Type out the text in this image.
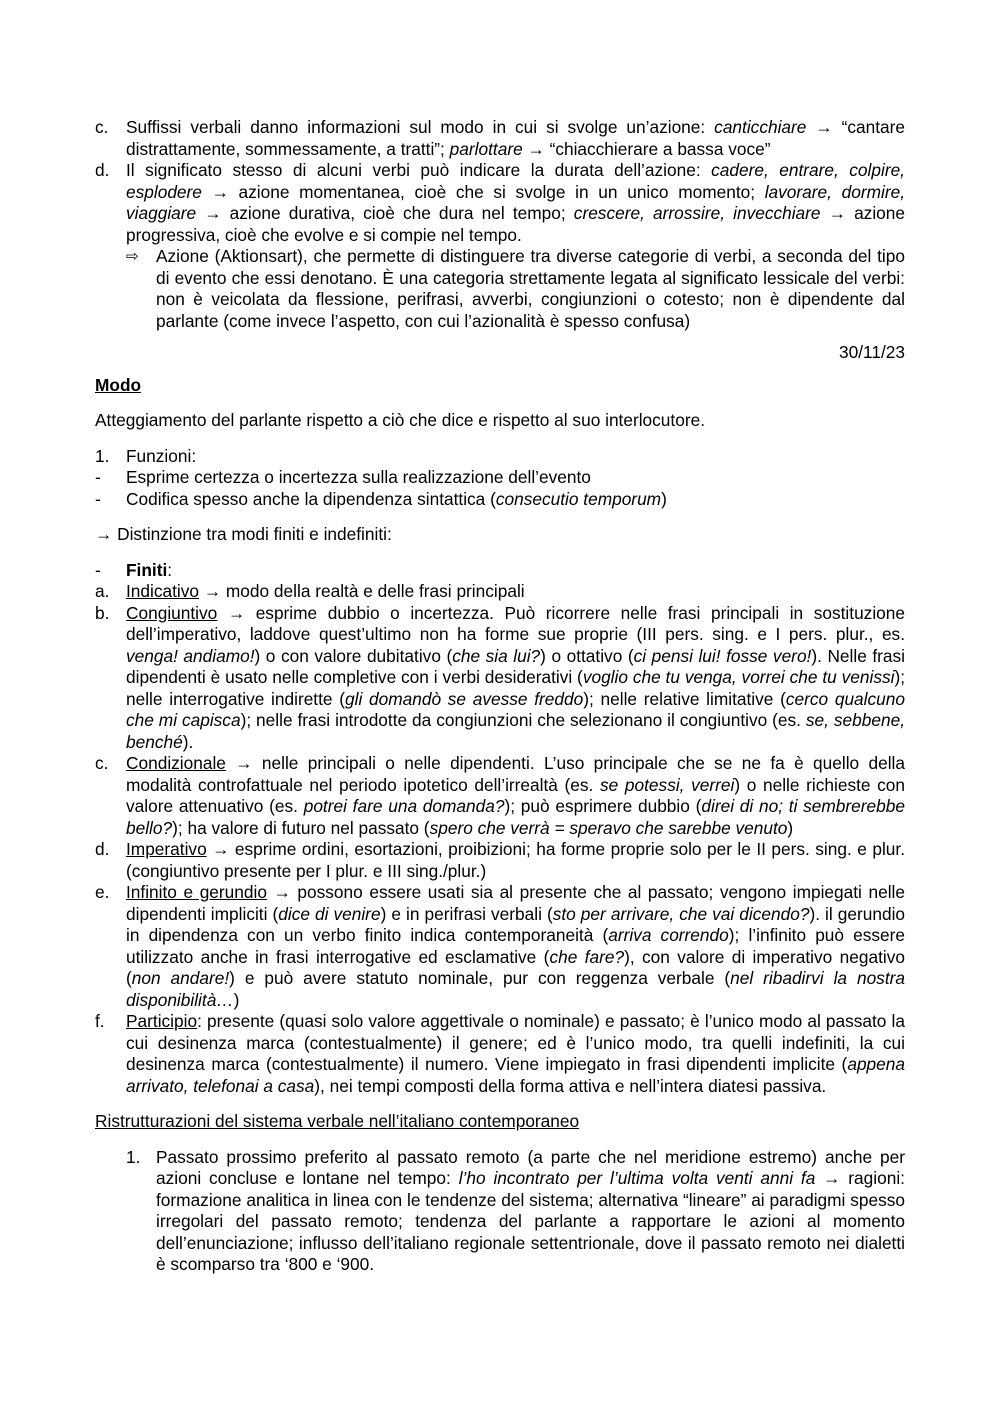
c. Suffissi verbali danno informazioni sul modo in cui si svolge un’azione: canticchiare → “cantare distrattamente, sommessamente, a tratti”; parlottare → “chiacchierare a bassa voce”
d. Il significato stesso di alcuni verbi può indicare la durata dell’azione: cadere, entrare, colpire, esplodere → azione momentanea, cioè che si svolge in un unico momento; lavorare, dormire, viaggiare → azione durativa, cioè che dura nel tempo; crescere, arrossire, invecchiare → azione progressiva, cioè che evolve e si compie nel tempo.
⇨ Azione (Aktionsart), che permette di distinguere tra diverse categorie di verbi, a seconda del tipo di evento che essi denotano. È una categoria strettamente legata al significato lessicale del verbi: non è veicolata da flessione, perifrasi, avverbi, congiunzioni o cotesto; non è dipendente dal parlante (come invece l’aspetto, con cui l’azionalità è spesso confusa)
30/11/23
Modo
Atteggiamento del parlante rispetto a ciò che dice e rispetto al suo interlocutore.
1. Funzioni:
- Esprime certezza o incertezza sulla realizzazione dell’evento
- Codifica spesso anche la dipendenza sintattica (consecutio temporum)
→ Distinzione tra modi finiti e indefiniti:
- Finiti:
a. Indicativo → modo della realtà e delle frasi principali
b. Congiuntivo → esprime dubbio o incertezza. Può ricorrere nelle frasi principali in sostituzione dell’imperativo, laddove quest’ultimo non ha forme sue proprie (III pers. sing. e I pers. plur., es. venga! andiamo!) o con valore dubitativo (che sia lui?) o ottativo (ci pensi lui! fosse vero!). Nelle frasi dipendenti è usato nelle completive con i verbi desiderativi (voglio che tu venga, vorrei che tu venissi); nelle interrogative indirette (gli domandò se avesse freddo); nelle relative limitative (cerco qualcuno che mi capisca); nelle frasi introdotte da congiunzioni che selezionano il congiuntivo (es. se, sebbene, benché).
c. Condizionale → nelle principali o nelle dipendenti. L’uso principale che se ne fa è quello della modalità controfattuale nel periodo ipotetico dell’irrealtà (es. se potessi, verrei) o nelle richieste con valore attenuativo (es. potrei fare una domanda?); può esprimere dubbio (direi di no; ti sembrerebbe bello?); ha valore di futuro nel passato (spero che verrà = speravo che sarebbe venuto)
d. Imperativo → esprime ordini, esortazioni, proibizioni; ha forme proprie solo per le II pers. sing. e plur. (congiuntivo presente per I plur. e III sing./plur.)
e. Infinito e gerundio → possono essere usati sia al presente che al passato; vengono impiegati nelle dipendenti impliciti (dice di venire) e in perifrasi verbali (sto per arrivare, che vai dicendo?). il gerundio in dipendenza con un verbo finito indica contemporaneità (arriva correndo); l’infinito può essere utilizzato anche in frasi interrogative ed esclamative (che fare?), con valore di imperativo negativo (non andare!) e può avere statuto nominale, pur con reggenza verbale (nel ribadirvi la nostra disponibilità…)
f. Participio: presente (quasi solo valore aggettivale o nominale) e passato; è l’unico modo al passato la cui desinenza marca (contestualmente) il genere; ed è l’unico modo, tra quelli indefiniti, la cui desinenza marca (contestualmente) il numero. Viene impiegato in frasi dipendenti implicite (appena arrivato, telefonai a casa), nei tempi composti della forma attiva e nell’intera diatesi passiva.
Ristrutturazioni del sistema verbale nell’italiano contemporaneo
1. Passato prossimo preferito al passato remoto (a parte che nel meridione estremo) anche per azioni concluse e lontane nel tempo: l’ho incontrato per l’ultima volta venti anni fa → ragioni: formazione analitica in linea con le tendenze del sistema; alternativa “lineare” ai paradigmi spesso irregolari del passato remoto; tendenza del parlante a rapportare le azioni al momento dell’enunciazione; influsso dell’italiano regionale settentrionale, dove il passato remoto nei dialetti è scomparso tra ‘800 e ‘900.
